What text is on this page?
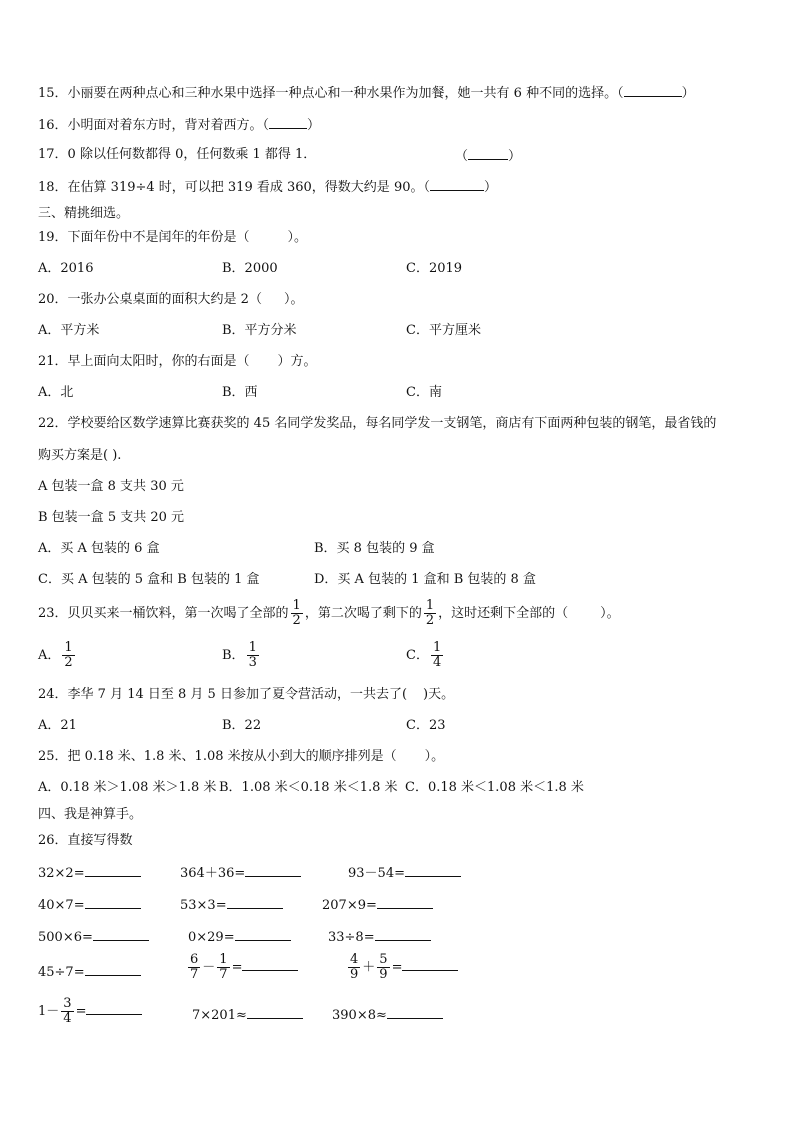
15．小丽要在两种点心和三种水果中选择一种点心和一种水果作为加餐，她一共有 6 种不同的选择。（	）
16．小明面对着东方时，背对着西方。（	）
17．0 除以任何数都得 0，任何数乘 1 都得 1．	（	）
18．在估算 319÷4 时，可以把 319 看成 360，得数大约是 90。（	）
三、精挑细选。
19．下面年份中不是闰年的年份是（	）。
A．2016	B．2000	C．2019
20．一张办公桌桌面的面积大约是 2（ ）。
A．平方米	B．平方分米	C．平方厘米
21．早上面向太阳时，你的右面是（ ）方。
A．北	B．西	C．南
22．学校要给区数学速算比赛获奖的 45 名同学发奖品，每名同学发一支钢笔，商店有下面两种包装的钢笔，最省钱的
购买方案是( ).
A 包装一盒 8 支共 30 元
B 包装一盒 5 支共 20 元
A．买 A 包装的 6 盒	B．买 8 包装的 9 盒
C．买 A 包装的 5 盒和 B 包装的 1 盒	D．买 A 包装的 1 盒和 B 包装的 8 盒
23．贝贝买来一桶饮料，第一次喝了全部的 $\frac{1}{2}$ ，第二次喝了剩下的 $\frac{1}{2}$ ，这时还剩下全部的（ ）。
A． $\frac{1}{2}$	B． $\frac{1}{3}$	C． $\frac{1}{4}$
24．李华 7 月 14 日至 8 月 5 日参加了夏令营活动，一共去了( )天。
A．21	B．22	C．23
25．把 0.18 米、1.8 米、1.08 米按从小到大的顺序排列是（ ）。
A．0.18 米＞1.08 米＞1.8 米 B．1.08 米＜0.18 米＜1.8 米 C．0.18 米＜1.08 米＜1.8 米
四、我是神算手。
26．直接写得数
32×2=	364＋36=	93－54=
40×7=	53×3=	207×9=
500×6=	0×29=	33÷8=
45÷7=	$\frac{6}{7} - \frac{1}{7}$ =	$\frac{4}{9} + \frac{5}{9}$ =
$1- \frac{3}{4}$ =	7×201≈	390×8≈
